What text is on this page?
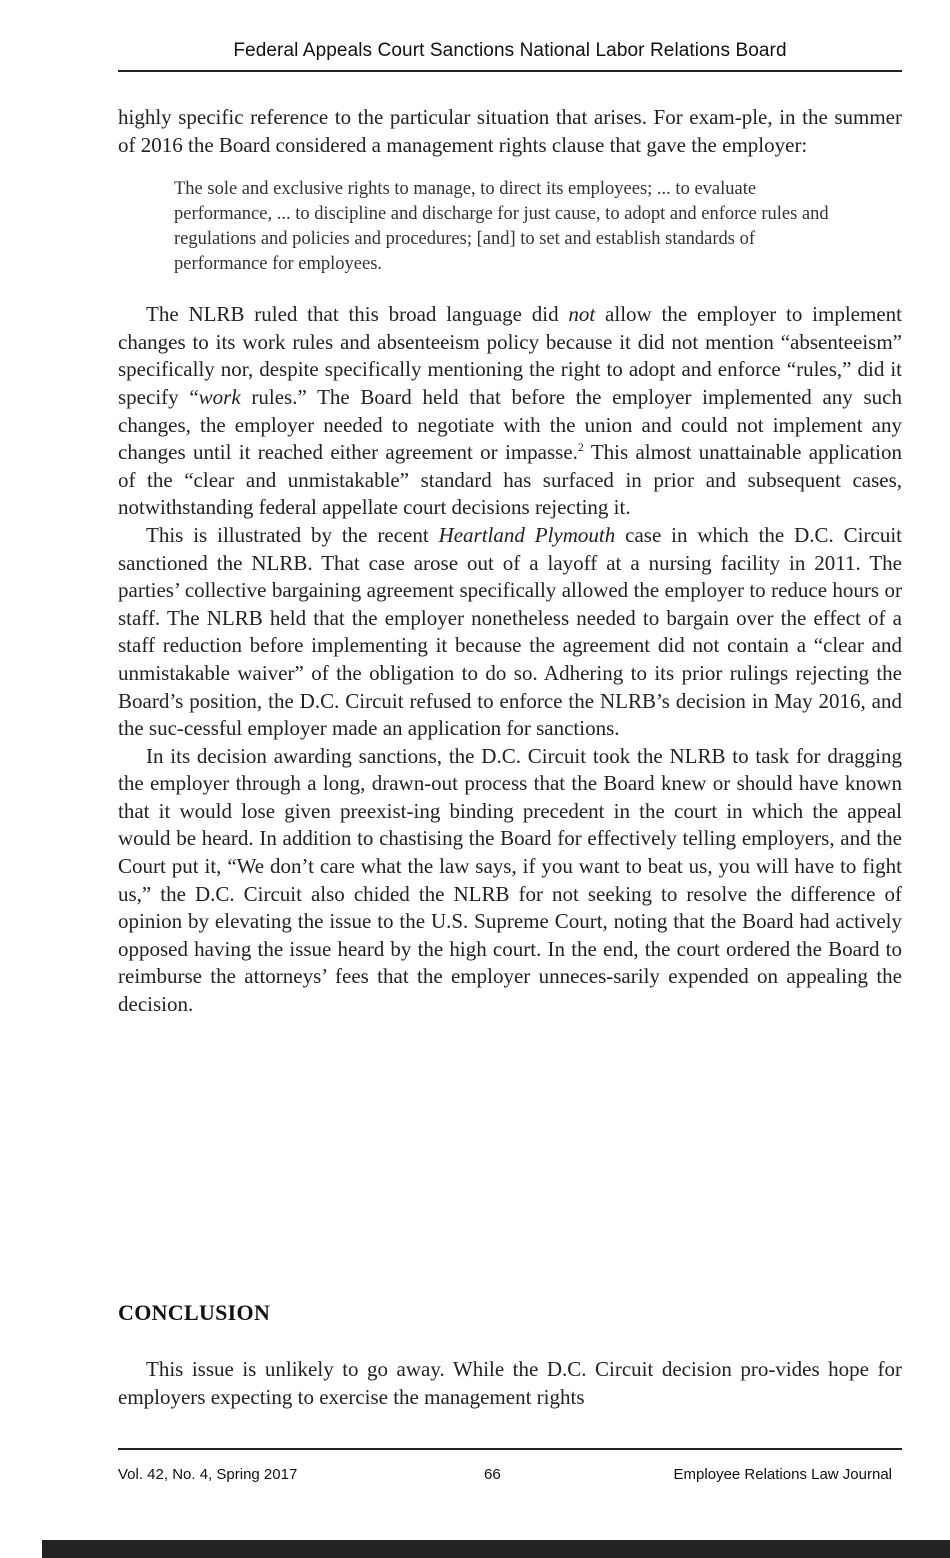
Federal Appeals Court Sanctions National Labor Relations Board

highly specific reference to the particular situation that arises. For exam-ple, in the summer of 2016 the Board considered a management rights clause that gave the employer:

The sole and exclusive rights to manage, to direct its employees; ... to evaluate performance, ... to discipline and discharge for just cause, to adopt and enforce rules and regulations and policies and procedures; [and] to set and establish standards of performance for employees.

The NLRB ruled that this broad language did not allow the employer to implement changes to its work rules and absenteeism policy because it did not mention “absenteeism” specifically nor, despite specifically mentioning the right to adopt and enforce “rules,” did it specify “work rules.” The Board held that before the employer implemented any such changes, the employer needed to negotiate with the union and could not implement any changes until it reached either agreement or impasse.$^2$ This almost unattainable application of the “clear and unmistakable” standard has surfaced in prior and subsequent cases, notwithstanding federal appellate court decisions rejecting it.

This is illustrated by the recent Heartland Plymouth case in which the D.C. Circuit sanctioned the NLRB. That case arose out of a layoff at a nursing facility in 2011. The parties’ collective bargaining agreement specifically allowed the employer to reduce hours or staff. The NLRB held that the employer nonetheless needed to bargain over the effect of a staff reduction before implementing it because the agreement did not contain a “clear and unmistakable waiver” of the obligation to do so. Adhering to its prior rulings rejecting the Board’s position, the D.C. Circuit refused to enforce the NLRB’s decision in May 2016, and the suc-cessful employer made an application for sanctions.

In its decision awarding sanctions, the D.C. Circuit took the NLRB to task for dragging the employer through a long, drawn-out process that the Board knew or should have known that it would lose given preexist-ing binding precedent in the court in which the appeal would be heard. In addition to chastising the Board for effectively telling employers, and the Court put it, “We don’t care what the law says, if you want to beat us, you will have to fight us,” the D.C. Circuit also chided the NLRB for not seeking to resolve the difference of opinion by elevating the issue to the U.S. Supreme Court, noting that the Board had actively opposed having the issue heard by the high court. In the end, the court ordered the Board to reimburse the attorneys’ fees that the employer unneces-sarily expended on appealing the decision.

CONCLUSION

This issue is unlikely to go away. While the D.C. Circuit decision pro-vides hope for employers expecting to exercise the management rights

Vol. 42, No. 4, Spring 2017	66	Employee Relations Law Journal
